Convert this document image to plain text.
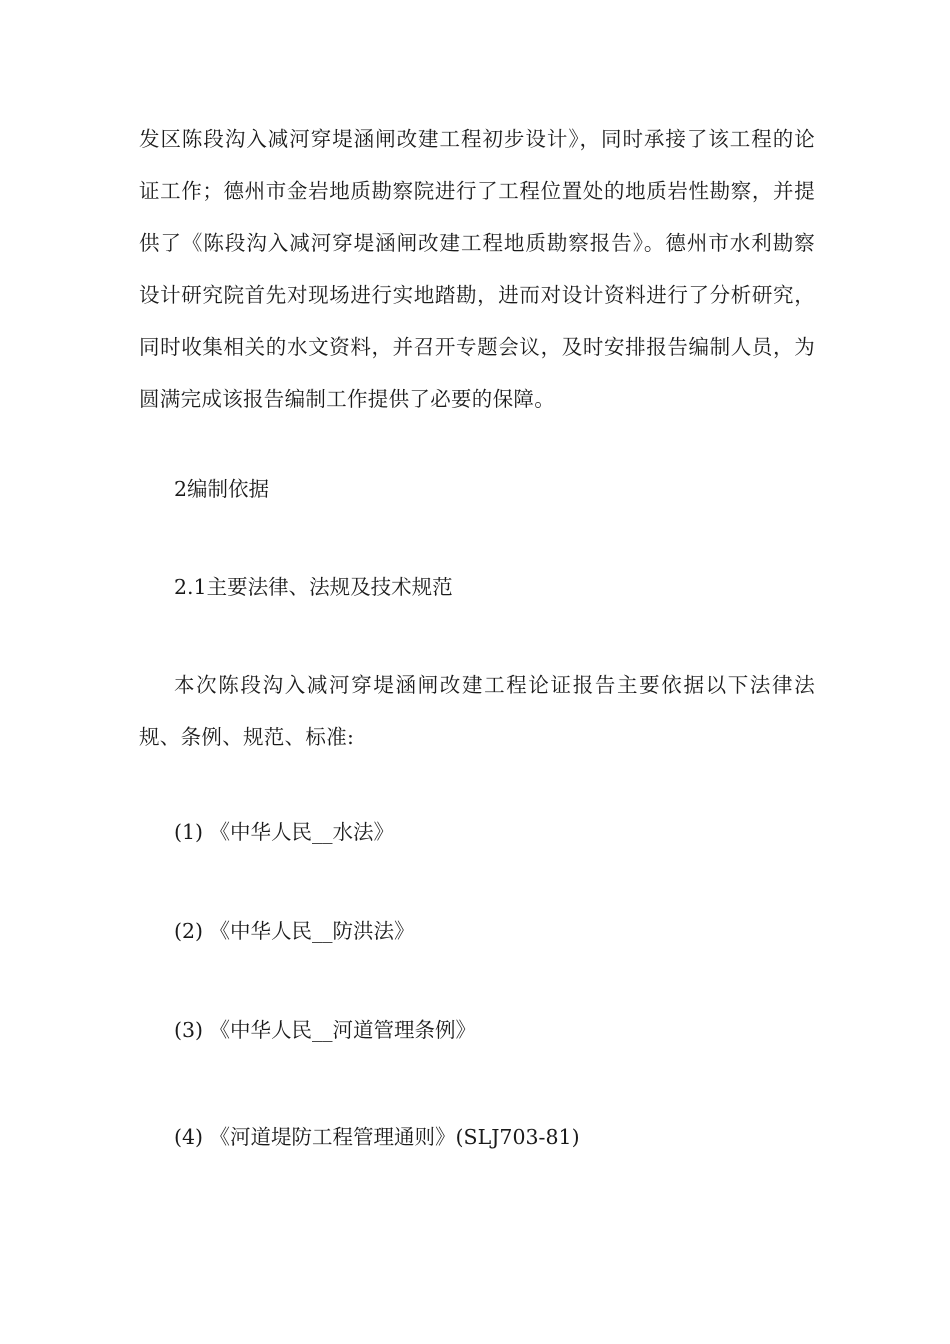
发区陈段沟入减河穿堤涵闸改建工程初步设计》，同时承接了该工程的论证工作；德州市金岩地质勘察院进行了工程位置处的地质岩性勘察，并提供了《陈段沟入减河穿堤涵闸改建工程地质勘察报告》。德州市水利勘察设计研究院首先对现场进行实地踏勘，进而对设计资料进行了分析研究，同时收集相关的水文资料，并召开专题会议，及时安排报告编制人员，为圆满完成该报告编制工作提供了必要的保障。

2编制依据

2.1主要法律、法规及技术规范

本次陈段沟入减河穿堤涵闸改建工程论证报告主要依据以下法律法规、条例、规范、标准:

(1) 《中华人民__水法》

(2) 《中华人民__防洪法》

(3) 《中华人民__河道管理条例》

(4) 《河道堤防工程管理通则》(SLJ703-81)
